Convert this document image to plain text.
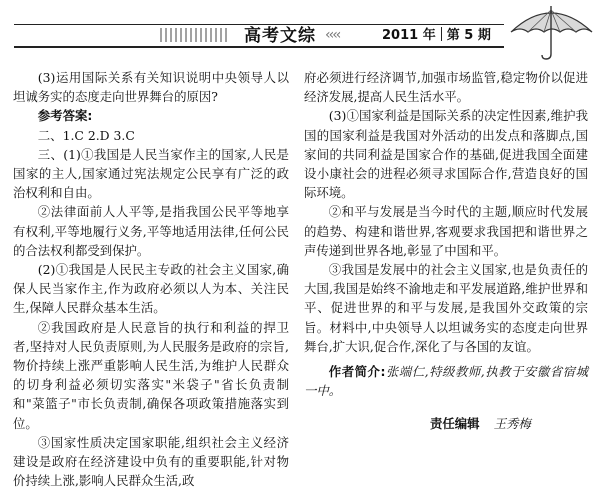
高考文综 ‹‹‹‹	2011 年 第 5 期

(3)运用国际关系有关知识说明中央领导人以坦诚务实的态度走向世界舞台的原因?

参考答案:

二、1.C 2.D 3.C

三、(1)①我国是人民当家作主的国家,人民是国家的主人,国家通过宪法规定公民享有广泛的政治权利和自由。

②法律面前人人平等,是指我国公民平等地享有权利,平等地履行义务,平等地适用法律,任何公民的合法权利都受到保护。

(2)①我国是人民民主专政的社会主义国家,确保人民当家作主,作为政府必须以人为本、关注民生,保障人民群众基本生活。

②我国政府是人民意旨的执行和利益的捍卫者,坚持对人民负责原则,为人民服务是政府的宗旨,物价持续上涨严重影响人民生活,为维护人民群众的切身利益必须切实落实"米袋子"省长负责制和"菜篮子"市长负责制,确保各项政策措施落实到位。

③国家性质决定国家职能,组织社会主义经济建设是政府在经济建设中负有的重要职能,针对物价持续上涨,影响人民群众生活,政

府必须进行经济调节,加强市场监管,稳定物价以促进经济发展,提高人民生活水平。

(3)①国家利益是国际关系的决定性因素,维护我国的国家利益是我国对外活动的出发点和落脚点,国家间的共同利益是国家合作的基础,促进我国全面建设小康社会的进程必须寻求国际合作,营造良好的国际环境。

②和平与发展是当今时代的主题,顺应时代发展的趋势、构建和谐世界,客观要求我国把和谐世界之声传递到世界各地,彰显了中国和平。

③我国是发展中的社会主义国家,也是负责任的大国,我国是始终不渝地走和平发展道路,维护世界和平、促进世界的和平与发展,是我国外交政策的宗旨。材料中,中央领导人以坦诚务实的态度走向世界舞台,扩大识,促合作,深化了与各国的友谊。

作者简介:张端仁,特级教师,执教于安徽省宿城一中。

责任编辑 王秀梅
